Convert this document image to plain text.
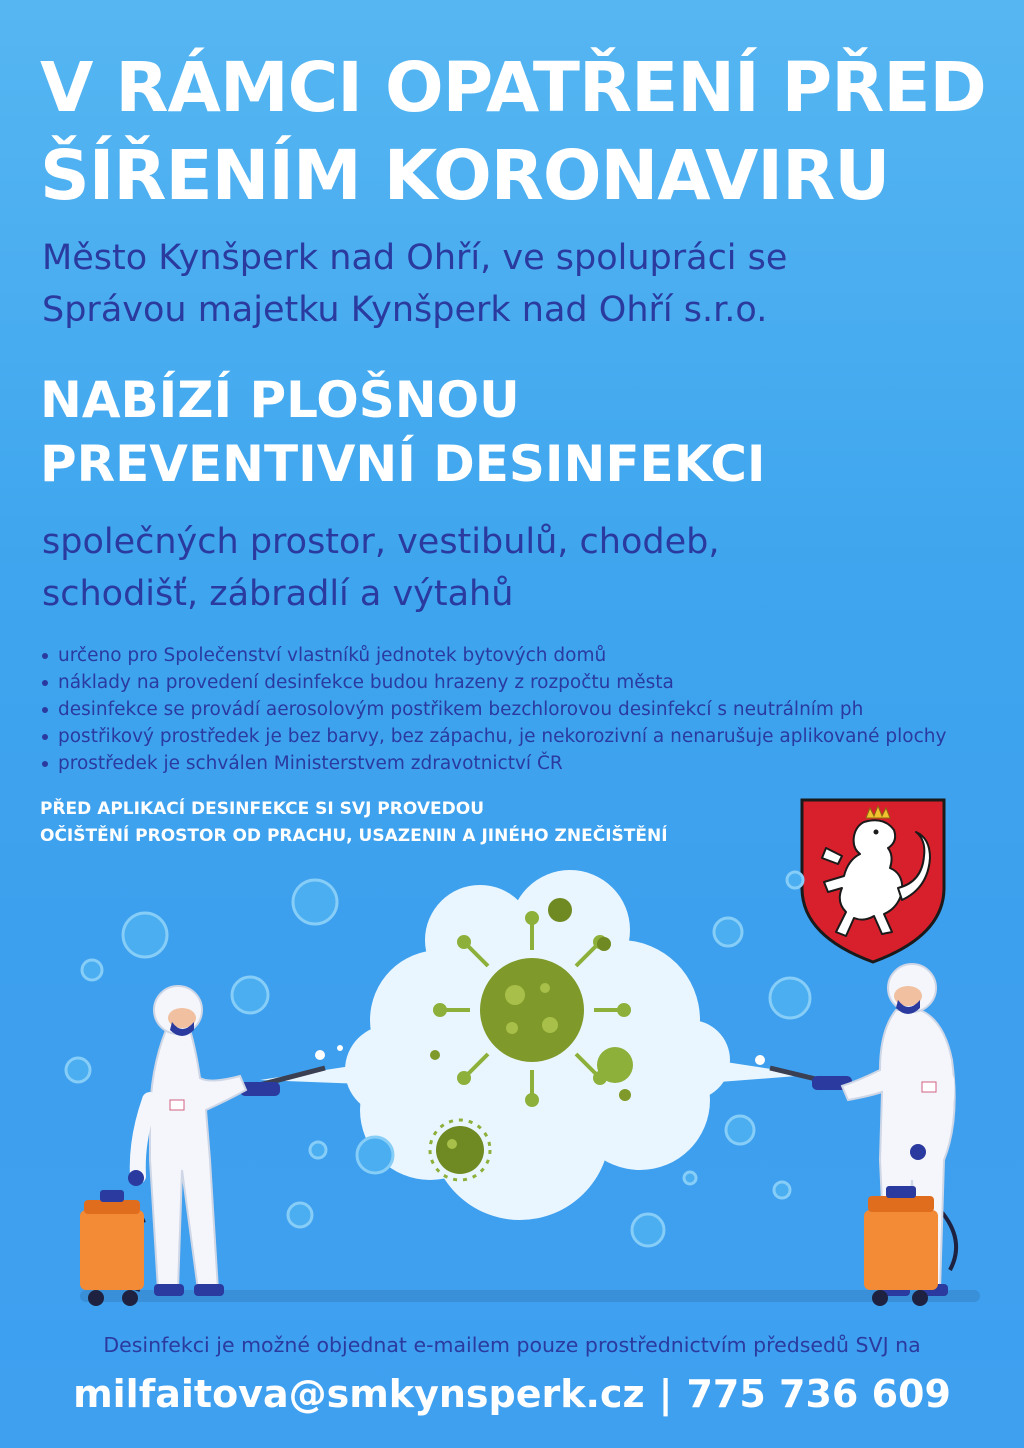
V RÁMCI OPATŘENÍ PŘED
ŠÍŘENÍM KORONAVIRU
Město Kynšperk nad Ohří, ve spolupráci se
Správou majetku Kynšperk nad Ohří s.r.o.
NABÍZÍ PLOŠNOU
PREVENTIVNÍ DESINFEKCI
společných prostor, vestibulů, chodeb,
schodišť, zábradlí a výtahů
určeno pro Společenství vlastníků jednotek bytových domů
náklady na provedení desinfekce budou hrazeny z rozpočtu města
desinfekce se provádí aerosolovým postřikem bezchlorovou desinfekcí s neutrálním ph
postřikový prostředek je bez barvy, bez zápachu, je nekorozivní a nenarušuje aplikované plochy
prostředek je schválen Ministerstvem zdravotnictví ČR
PŘED APLIKACÍ DESINFEKCE SI SVJ PROVEDOU
OČIŠTĚNÍ PROSTOR OD PRACHU, USAZENIN A JINÉHO ZNEČIŠTĚNÍ
Desinfekci je možné objednat e-mailem pouze prostřednictvím předsedů SVJ na
milfaitova@smkynsperk.cz | 775 736 609
